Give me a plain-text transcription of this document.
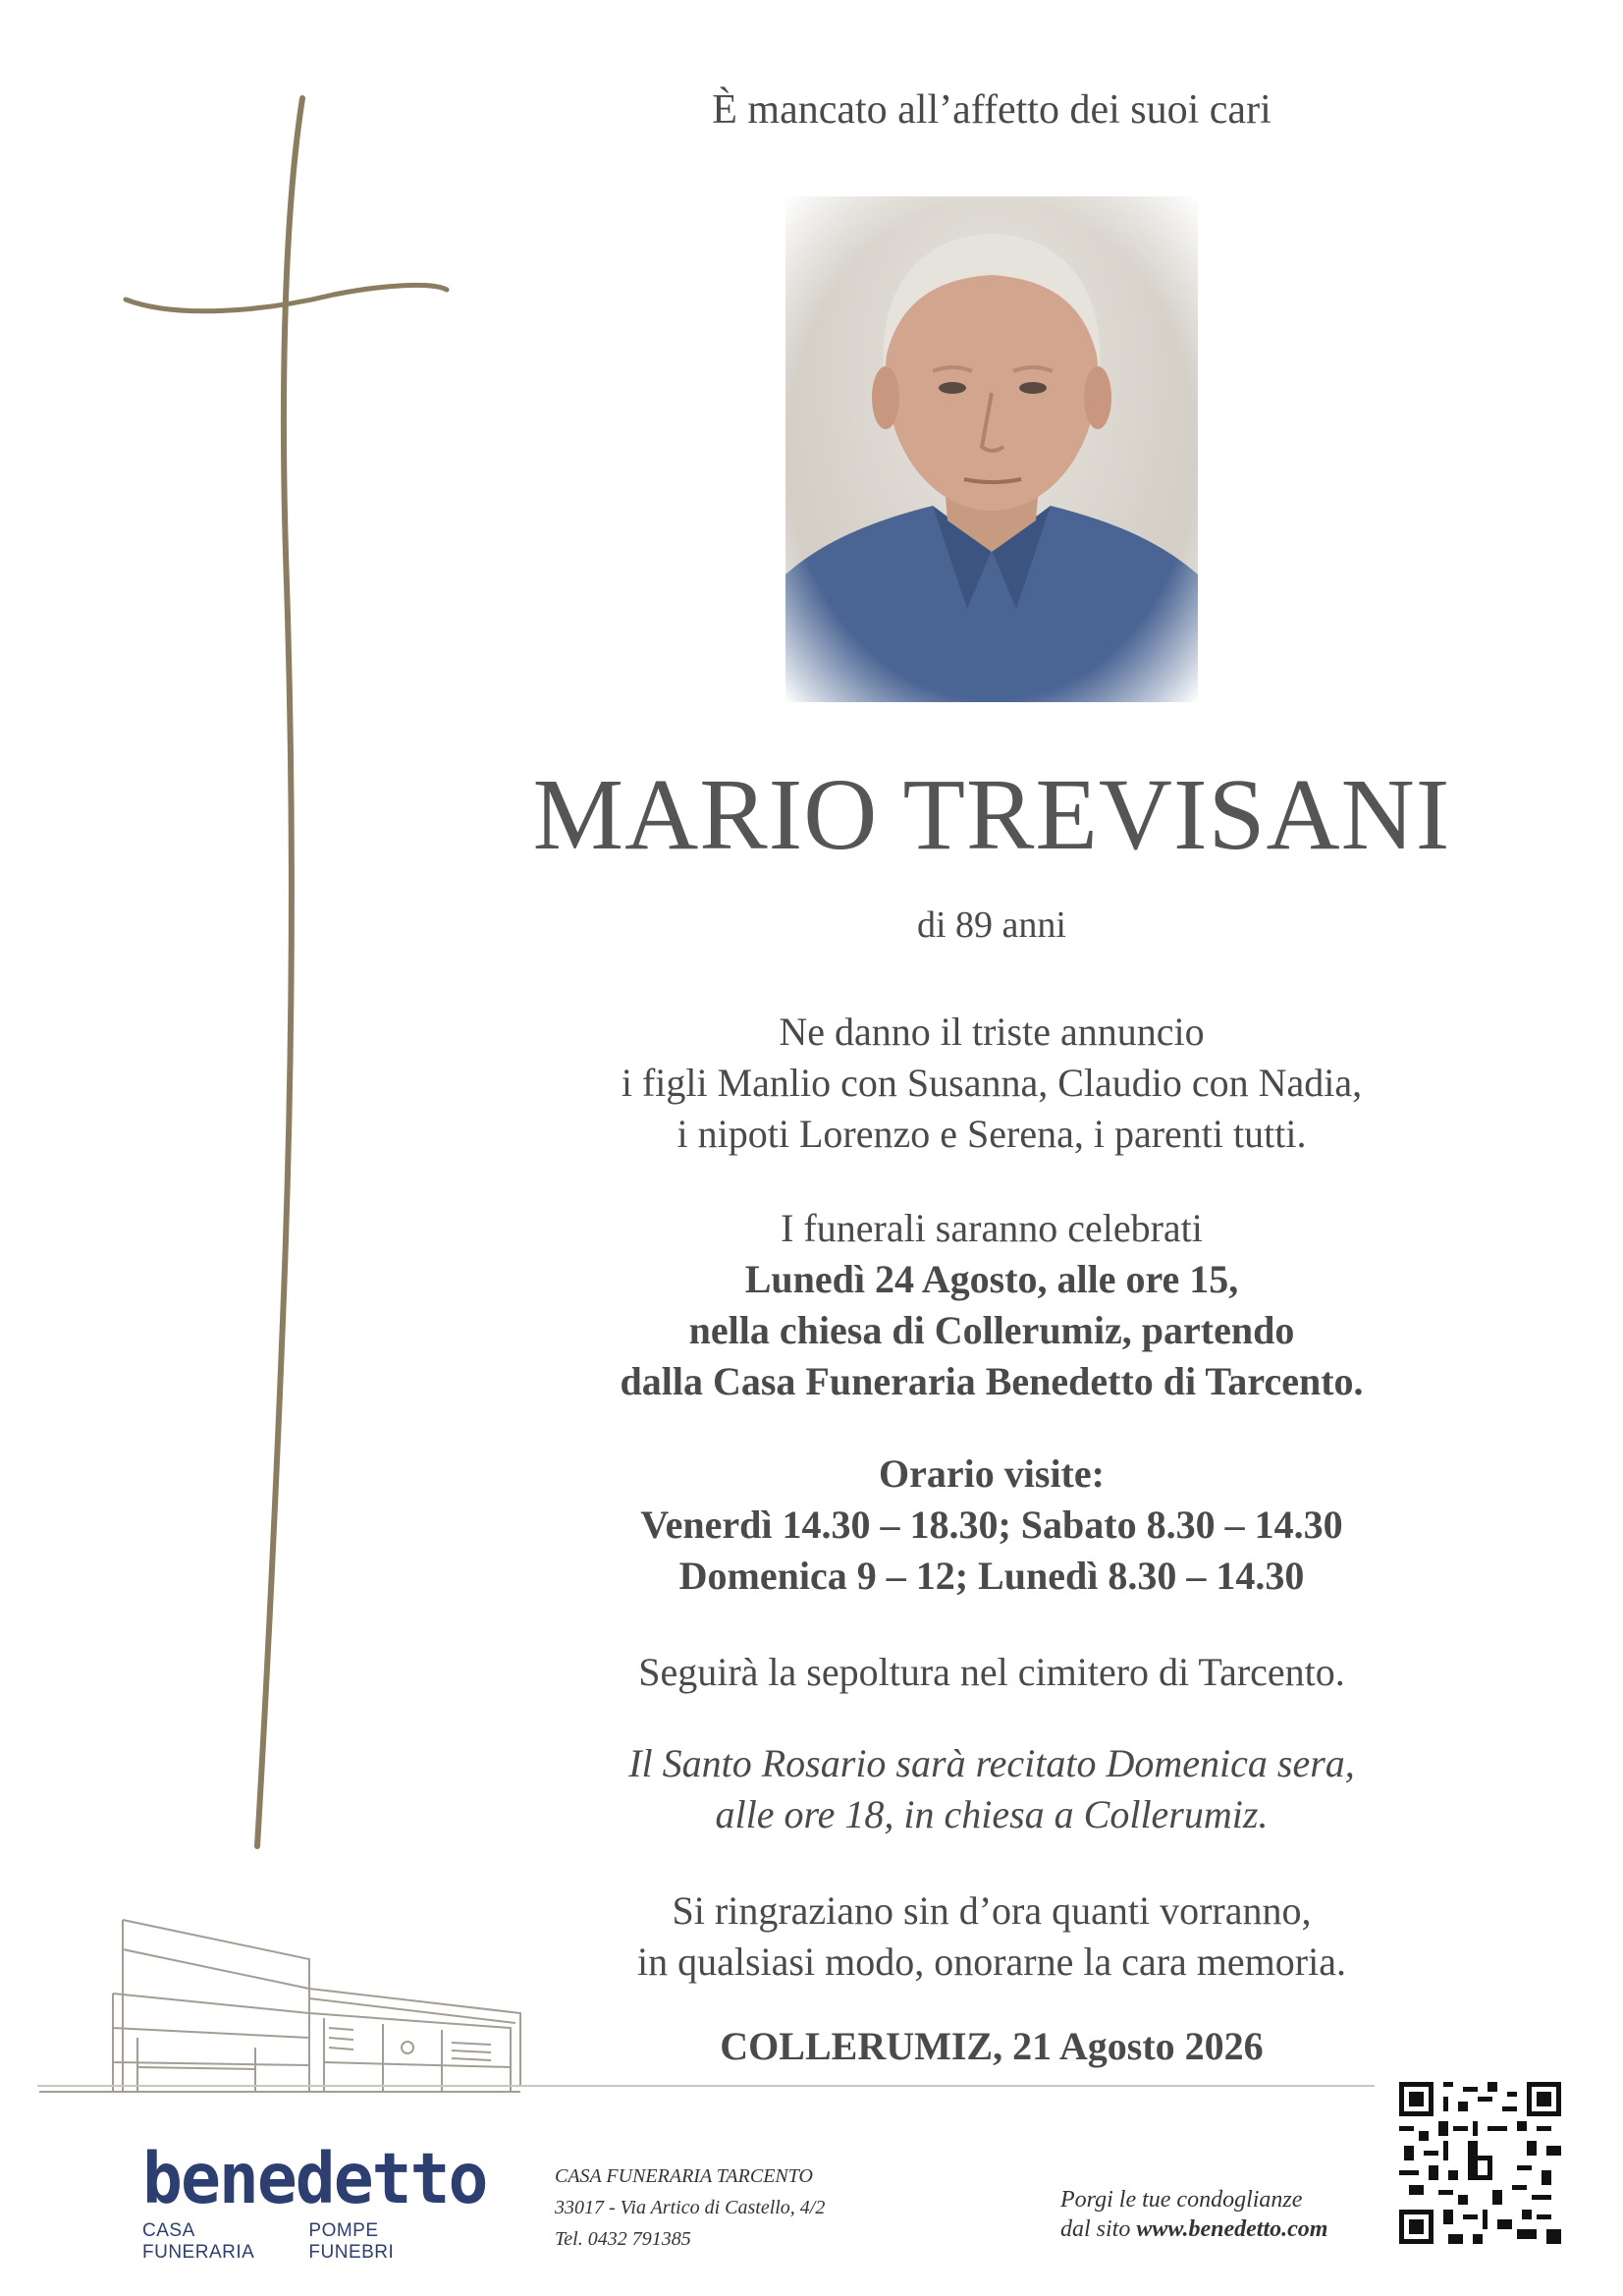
È mancato all’affetto dei suoi cari
MARIO TREVISANI
di 89 anni
Ne danno il triste annuncio
i figli Manlio con Susanna, Claudio con Nadia,
i nipoti Lorenzo e Serena, i parenti tutti.
I funerali saranno celebrati
Lunedì 24 Agosto, alle ore 15,
nella chiesa di Collerumiz, partendo
dalla Casa Funeraria Benedetto di Tarcento.
Orario visite:
Venerdì 14.30 – 18.30; Sabato 8.30 – 14.30
Domenica 9 – 12; Lunedì 8.30 – 14.30
Seguirà la sepoltura nel cimitero di Tarcento.
Il Santo Rosario sarà recitato Domenica sera,
alle ore 18, in chiesa a Collerumiz.
Si ringraziano sin d’ora quanti vorranno,
in qualsiasi modo, onorarne la cara memoria.
COLLERUMIZ, 21 Agosto 2026
benedetto
CASA FUNERARIA
POMPE FUNEBRI
CASA FUNERARIA TARCENTO
33017 - Via Artico di Castello, 4/2
Tel. 0432 791385
Porgi le tue condoglianze
dal sito www.benedetto.com
